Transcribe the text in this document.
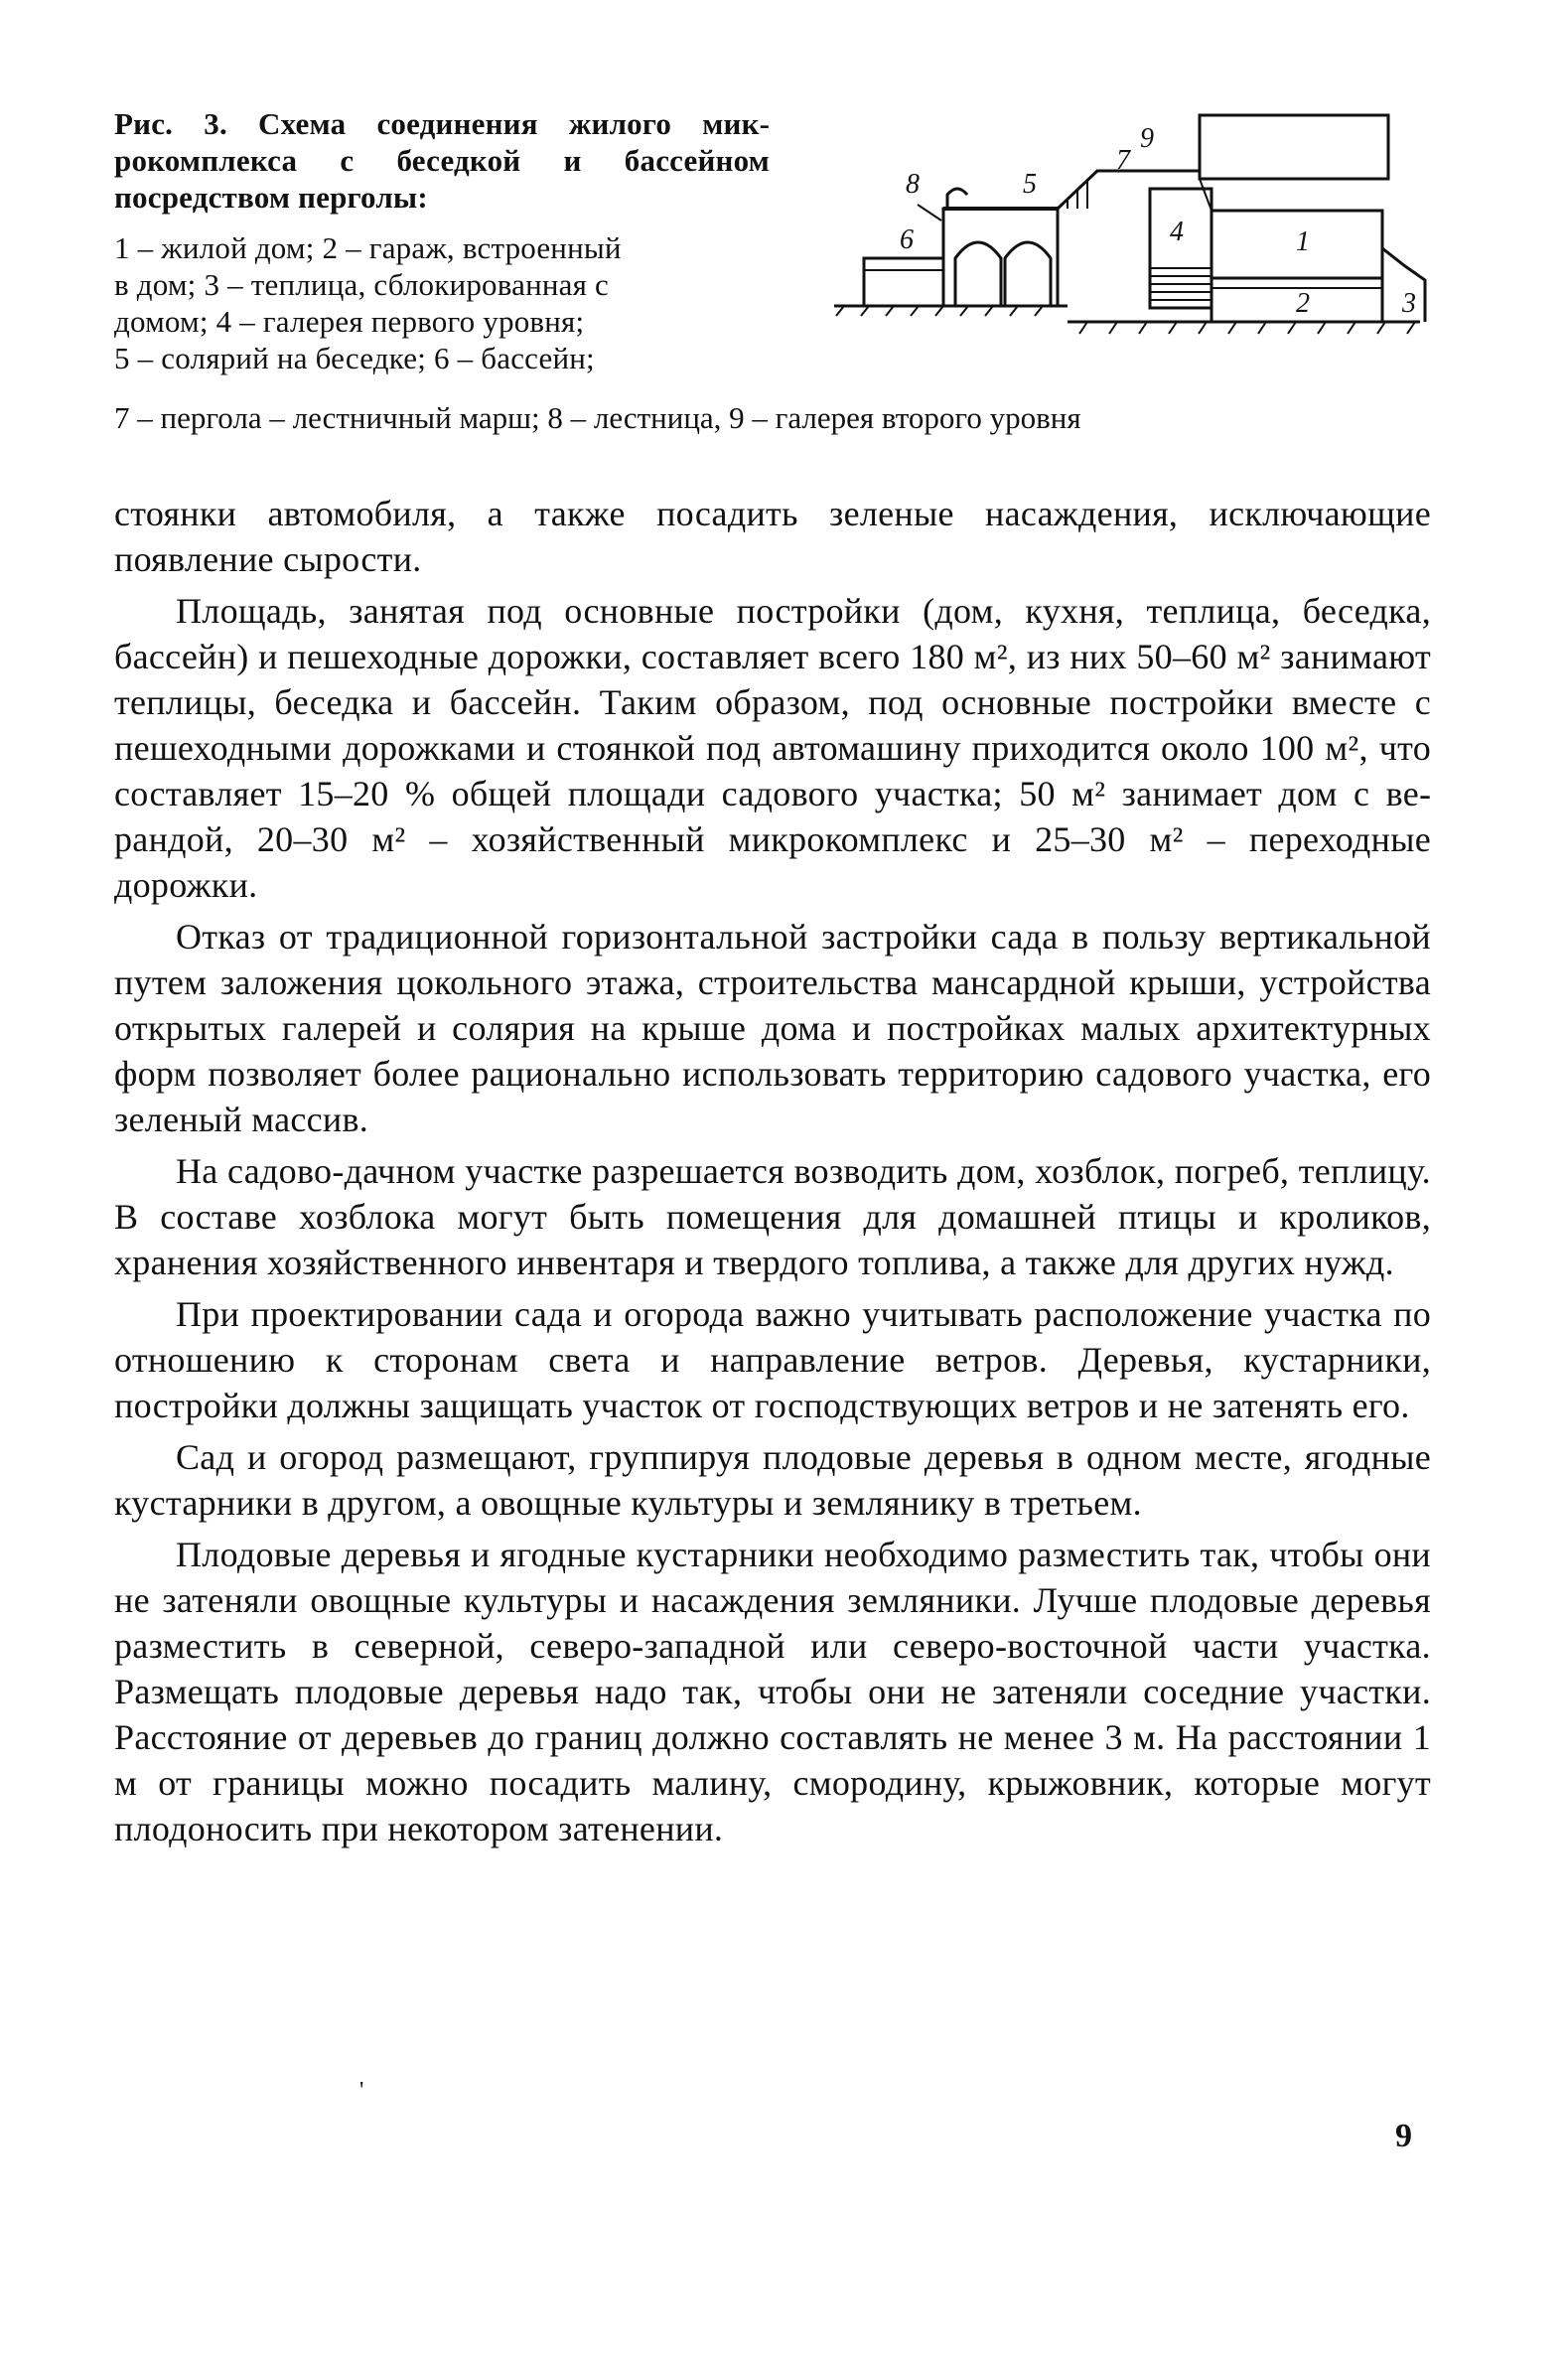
Рис. 3. Схема соединения жилого микрокомплекса с беседкой и бассейном посредством перголы:

1 – жилой дом; 2 – гараж, встроенный

в дом; 3 – теплица, сблокированная с

домом; 4 – галерея первого уровня;

5 – солярий на беседке; 6 – бассейн;

7 – пергола – лестничный марш; 8 – лестница, 9 – галерея второго уровня
6
8	5
7
9
4	1
2	3

стоянки автомобиля, а также посадить зеленые насаждения, исключающие появление сырости.

Площадь, занятая под основные постройки (дом, кухня, теплица, беседка, бассейн) и пешеходные дорожки, составляет всего 180 м², из них 50–60 м² занимают теплицы, беседка и бассейн. Таким образом, под основные постройки вместе с пешеходными дорожками и стоянкой под автомашину приходится около 100 м², что составляет 15–20 % общей площади садового участка; 50 м² занимает дом с верандой, 20–30 м² – хозяйственный микрокомплекс и 25–30 м² – переходные дорожки.

Отказ от традиционной горизонтальной застройки сада в пользу вертикальной путем заложения цокольного этажа, строительства мансардной крыши, устройства открытых галерей и солярия на крыше дома и постройках малых архитектурных форм позволяет более рационально использовать территорию садового участка, его зеленый массив.

На садово-дачном участке разрешается возводить дом, хозблок, погреб, теплицу. В составе хозблока могут быть помещения для домашней птицы и кроликов, хранения хозяйственного инвентаря и твердого топлива, а также для других нужд.

При проектировании сада и огорода важно учитывать расположение участка по отношению к сторонам света и направление ветров. Деревья, кустарники, постройки должны защищать участок от господствующих ветров и не затенять его.

Сад и огород размещают, группируя плодовые деревья в одном месте, ягодные кустарники в другом, а овощные культуры и землянику в третьем.

Плодовые деревья и ягодные кустарники необходимо разместить так, чтобы они не затеняли овощные культуры и насаждения земляники. Лучше плодовые деревья разместить в северной, северо-западной или северо-восточной части участка. Размещать плодовые деревья надо так, чтобы они не затеняли соседние участки. Расстояние от деревьев до границ должно составлять не менее 3 м. На расстоянии 1 м от границы можно посадить малину, смородину, крыжовник, которые могут плодоносить при некотором затенении.

'
9
